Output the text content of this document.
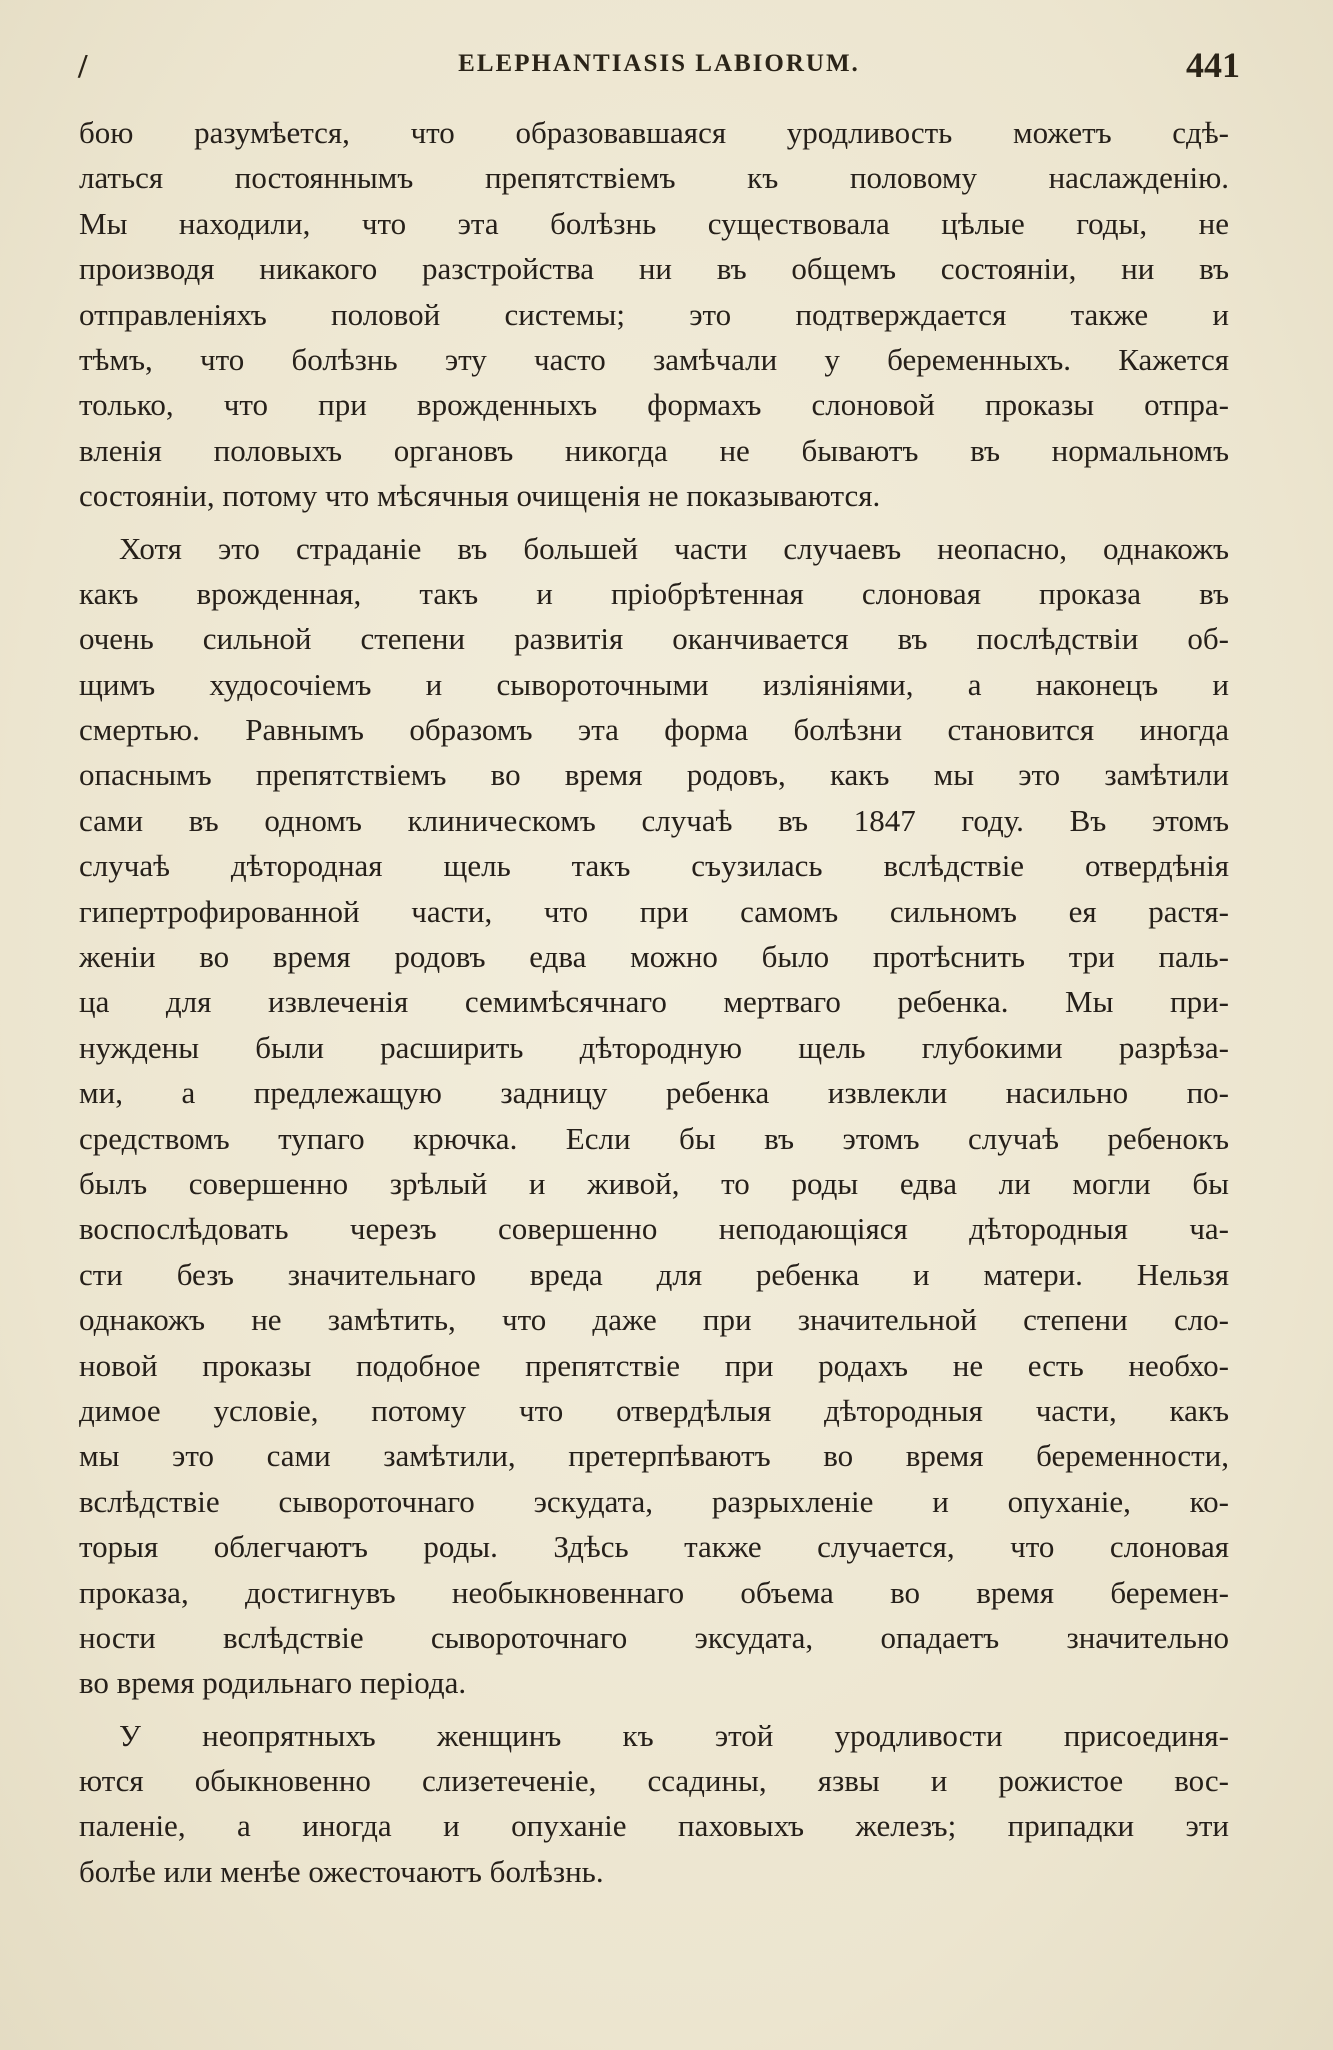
/	ELEPHANTIASIS LABIORUM.	441
бою разумѣется, что образовавшаяся уродливость можетъ сдѣ-
латься постояннымъ препятствіемъ къ половому наслажденію.
Мы находили, что эта болѣзнь существовала цѣлые годы, не
производя никакого разстройства ни въ общемъ состояніи, ни въ
отправленіяхъ половой системы; это подтверждается также и
тѣмъ, что болѣзнь эту часто замѣчали у беременныхъ. Кажется
только, что при врожденныхъ формахъ слоновой проказы отпра-
вленія половыхъ органовъ никогда не бываютъ въ нормальномъ
состояніи, потому что мѣсячныя очищенія не показываются.
Хотя это страданіе въ большей части случаевъ неопасно, однакожъ
какъ врожденная, такъ и пріобрѣтенная слоновая проказа въ
очень сильной степени развитія оканчивается въ послѣдствіи об-
щимъ худосочіемъ и сывороточными изліяніями, а наконецъ и
смертью. Равнымъ образомъ эта форма болѣзни становится иногда
опаснымъ препятствіемъ во время родовъ, какъ мы это замѣтили
сами въ одномъ клиническомъ случаѣ въ 1847 году. Въ этомъ
случаѣ дѣтородная щель такъ съузилась вслѣдствіе отвердѣнія
гипертрофированной части, что при самомъ сильномъ ея растя-
женіи во время родовъ едва можно было протѣснить три паль-
ца для извлеченія семимѣсячнаго мертваго ребенка. Мы при-
нуждены были расширить дѣтородную щель глубокими разрѣза-
ми, а предлежащую задницу ребенка извлекли насильно по-
средствомъ тупаго крючка. Если бы въ этомъ случаѣ ребенокъ
былъ совершенно зрѣлый и живой, то роды едва ли могли бы
воспослѣдовать черезъ совершенно неподающіяся дѣтородныя ча-
сти безъ значительнаго вреда для ребенка и матери. Нельзя
однакожъ не замѣтить, что даже при значительной степени сло-
новой проказы подобное препятствіе при родахъ не есть необхо-
димое условіе, потому что отвердѣлыя дѣтородныя части, какъ
мы это сами замѣтили, претерпѣваютъ во время беременности,
вслѣдствіе сывороточнаго эскудата, разрыхленіе и опуханіе, ко-
торыя облегчаютъ роды. Здѣсь также случается, что слоновая
проказа, достигнувъ необыкновеннаго объема во время беремен-
ности вслѣдствіе сывороточнаго эксудата, опадаетъ значительно
во время родильнаго періода.
У неопрятныхъ женщинъ къ этой уродливости присоединя-
ются обыкновенно слизетеченіе, ссадины, язвы и рожистое вос-
паленіе, а иногда и опуханіе паховыхъ железъ; припадки эти
болѣе или менѣе ожесточаютъ болѣзнь.
